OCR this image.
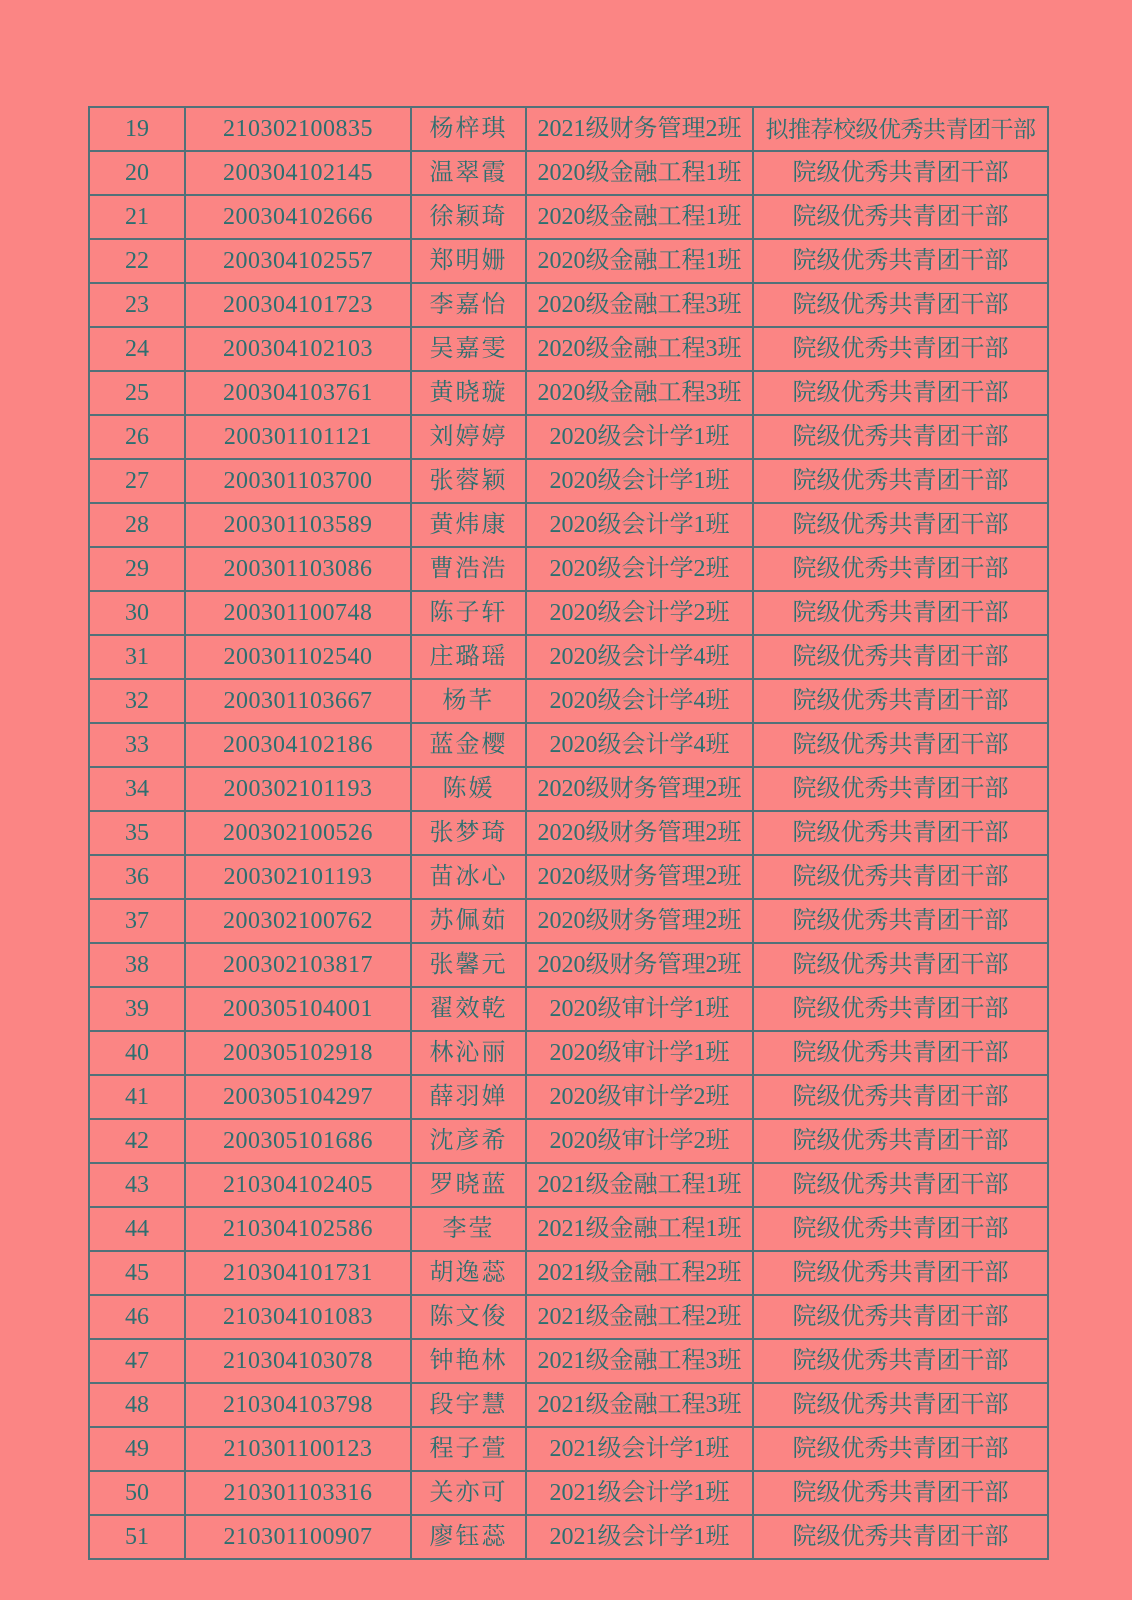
19	210302100835	杨梓琪	2021级财务管理2班	拟推荐校级优秀共青团干部
20	200304102145	温翠霞	2020级金融工程1班	院级优秀共青团干部
21	200304102666	徐颖琦	2020级金融工程1班	院级优秀共青团干部
22	200304102557	郑明姗	2020级金融工程1班	院级优秀共青团干部
23	200304101723	李嘉怡	2020级金融工程3班	院级优秀共青团干部
24	200304102103	吴嘉雯	2020级金融工程3班	院级优秀共青团干部
25	200304103761	黄晓璇	2020级金融工程3班	院级优秀共青团干部
26	200301101121	刘婷婷	2020级会计学1班	院级优秀共青团干部
27	200301103700	张蓉颖	2020级会计学1班	院级优秀共青团干部
28	200301103589	黄炜康	2020级会计学1班	院级优秀共青团干部
29	200301103086	曹浩浩	2020级会计学2班	院级优秀共青团干部
30	200301100748	陈子轩	2020级会计学2班	院级优秀共青团干部
31	200301102540	庄璐瑶	2020级会计学4班	院级优秀共青团干部
32	200301103667	杨芊	2020级会计学4班	院级优秀共青团干部
33	200304102186	蓝金樱	2020级会计学4班	院级优秀共青团干部
34	200302101193	陈媛	2020级财务管理2班	院级优秀共青团干部
35	200302100526	张梦琦	2020级财务管理2班	院级优秀共青团干部
36	200302101193	苗冰心	2020级财务管理2班	院级优秀共青团干部
37	200302100762	苏佩茹	2020级财务管理2班	院级优秀共青团干部
38	200302103817	张馨元	2020级财务管理2班	院级优秀共青团干部
39	200305104001	翟效乾	2020级审计学1班	院级优秀共青团干部
40	200305102918	林沁丽	2020级审计学1班	院级优秀共青团干部
41	200305104297	薛羽婵	2020级审计学2班	院级优秀共青团干部
42	200305101686	沈彦希	2020级审计学2班	院级优秀共青团干部
43	210304102405	罗晓蓝	2021级金融工程1班	院级优秀共青团干部
44	210304102586	李莹	2021级金融工程1班	院级优秀共青团干部
45	210304101731	胡逸蕊	2021级金融工程2班	院级优秀共青团干部
46	210304101083	陈文俊	2021级金融工程2班	院级优秀共青团干部
47	210304103078	钟艳林	2021级金融工程3班	院级优秀共青团干部
48	210304103798	段宇慧	2021级金融工程3班	院级优秀共青团干部
49	210301100123	程子萱	2021级会计学1班	院级优秀共青团干部
50	210301103316	关亦可	2021级会计学1班	院级优秀共青团干部
51	210301100907	廖钰蕊	2021级会计学1班	院级优秀共青团干部
